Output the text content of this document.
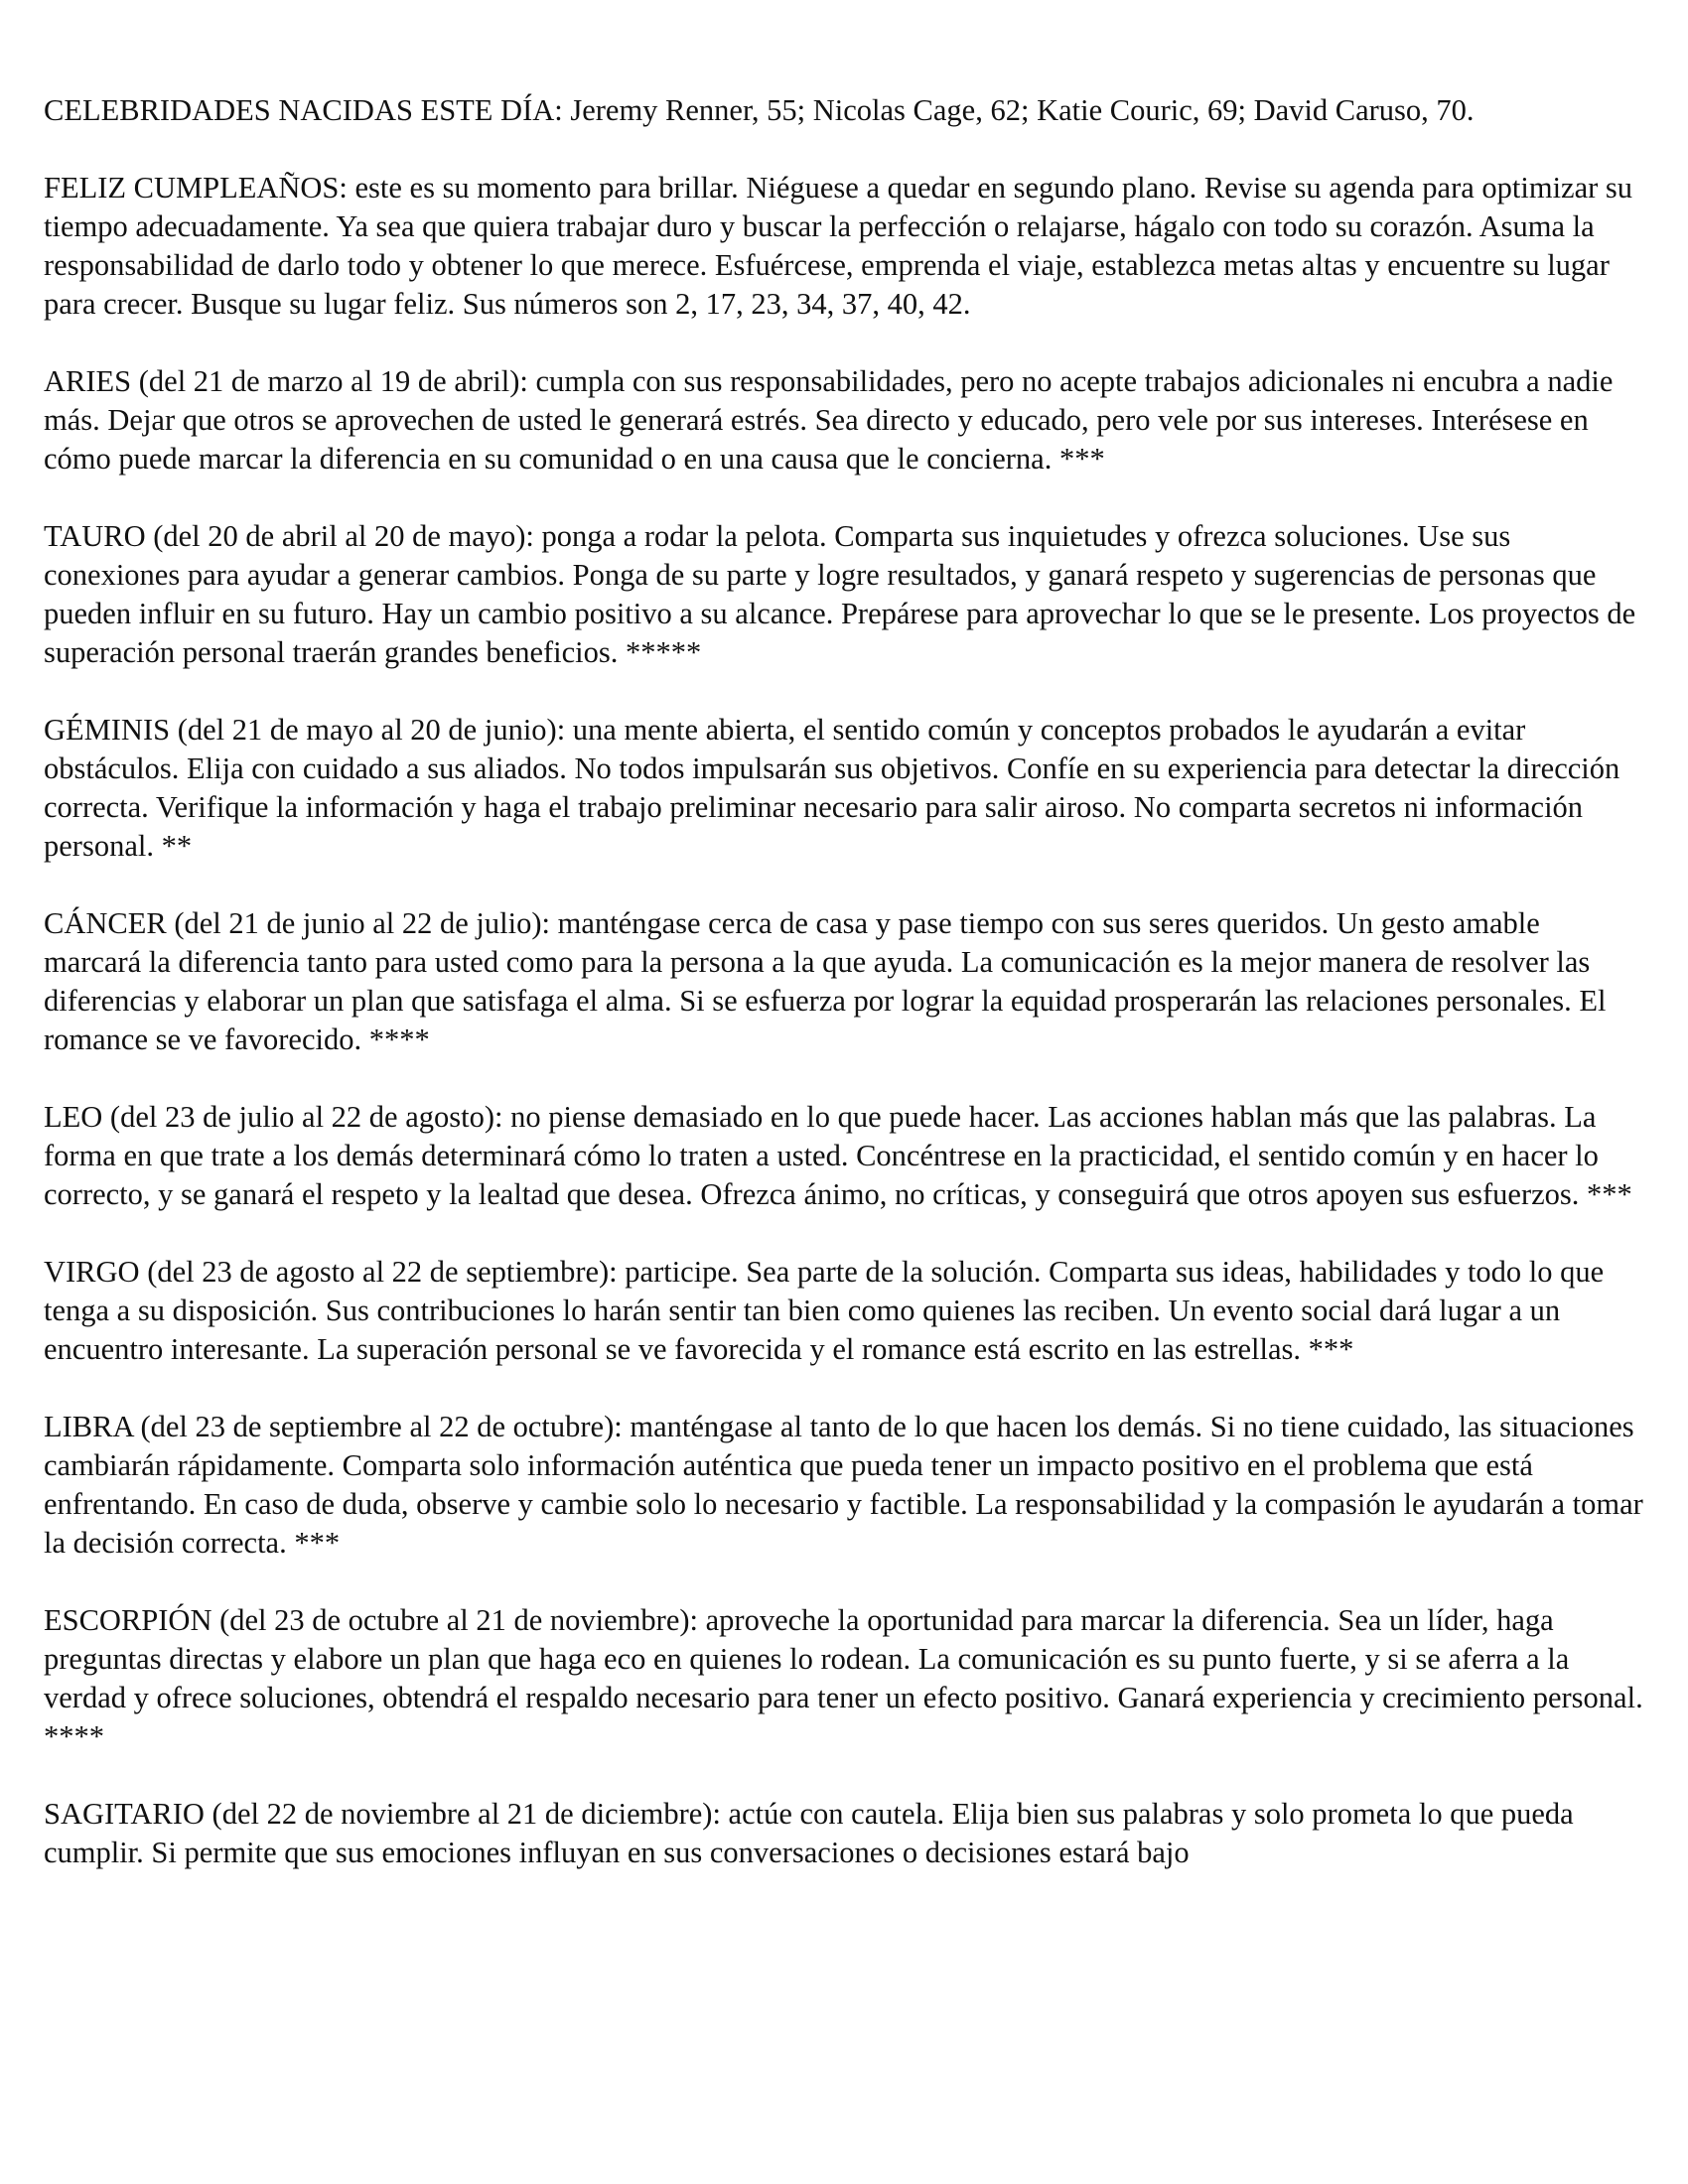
CELEBRIDADES NACIDAS ESTE DÍA: Jeremy Renner, 55; Nicolas Cage, 62; Katie Couric, 69; David Caruso, 70.

FELIZ CUMPLEAÑOS: este es su momento para brillar. Niéguese a quedar en segundo plano. Revise su agenda para optimizar su tiempo adecuadamente. Ya sea que quiera trabajar duro y buscar la perfección o relajarse, hágalo con todo su corazón. Asuma la responsabilidad de darlo todo y obtener lo que merece. Esfuércese, emprenda el viaje, establezca metas altas y encuentre su lugar para crecer. Busque su lugar feliz. Sus números son 2, 17, 23, 34, 37, 40, 42.

ARIES (del 21 de marzo al 19 de abril): cumpla con sus responsabilidades, pero no acepte trabajos adicionales ni encubra a nadie más. Dejar que otros se aprovechen de usted le generará estrés. Sea directo y educado, pero vele por sus intereses. Interésese en cómo puede marcar la diferencia en su comunidad o en una causa que le concierna. ***

TAURO (del 20 de abril al 20 de mayo): ponga a rodar la pelota. Comparta sus inquietudes y ofrezca soluciones. Use sus conexiones para ayudar a generar cambios. Ponga de su parte y logre resultados, y ganará respeto y sugerencias de personas que pueden influir en su futuro. Hay un cambio positivo a su alcance. Prepárese para aprovechar lo que se le presente. Los proyectos de superación personal traerán grandes beneficios. *****

GÉMINIS (del 21 de mayo al 20 de junio): una mente abierta, el sentido común y conceptos probados le ayudarán a evitar obstáculos. Elija con cuidado a sus aliados. No todos impulsarán sus objetivos. Confíe en su experiencia para detectar la dirección correcta. Verifique la información y haga el trabajo preliminar necesario para salir airoso. No comparta secretos ni información personal. **

CÁNCER (del 21 de junio al 22 de julio): manténgase cerca de casa y pase tiempo con sus seres queridos. Un gesto amable marcará la diferencia tanto para usted como para la persona a la que ayuda. La comunicación es la mejor manera de resolver las diferencias y elaborar un plan que satisfaga el alma. Si se esfuerza por lograr la equidad prosperarán las relaciones personales. El romance se ve favorecido. ****

LEO (del 23 de julio al 22 de agosto): no piense demasiado en lo que puede hacer. Las acciones hablan más que las palabras. La forma en que trate a los demás determinará cómo lo traten a usted. Concéntrese en la practicidad, el sentido común y en hacer lo correcto, y se ganará el respeto y la lealtad que desea. Ofrezca ánimo, no críticas, y conseguirá que otros apoyen sus esfuerzos. ***

VIRGO (del 23 de agosto al 22 de septiembre): participe. Sea parte de la solución. Comparta sus ideas, habilidades y todo lo que tenga a su disposición. Sus contribuciones lo harán sentir tan bien como quienes las reciben. Un evento social dará lugar a un encuentro interesante. La superación personal se ve favorecida y el romance está escrito en las estrellas. ***

LIBRA (del 23 de septiembre al 22 de octubre): manténgase al tanto de lo que hacen los demás. Si no tiene cuidado, las situaciones cambiarán rápidamente. Comparta solo información auténtica que pueda tener un impacto positivo en el problema que está enfrentando. En caso de duda, observe y cambie solo lo necesario y factible. La responsabilidad y la compasión le ayudarán a tomar la decisión correcta. ***

ESCORPIÓN (del 23 de octubre al 21 de noviembre): aproveche la oportunidad para marcar la diferencia. Sea un líder, haga preguntas directas y elabore un plan que haga eco en quienes lo rodean. La comunicación es su punto fuerte, y si se aferra a la verdad y ofrece soluciones, obtendrá el respaldo necesario para tener un efecto positivo. Ganará experiencia y crecimiento personal. ****

SAGITARIO (del 22 de noviembre al 21 de diciembre): actúe con cautela. Elija bien sus palabras y solo prometa lo que pueda cumplir. Si permite que sus emociones influyan en sus conversaciones o decisiones estará bajo
